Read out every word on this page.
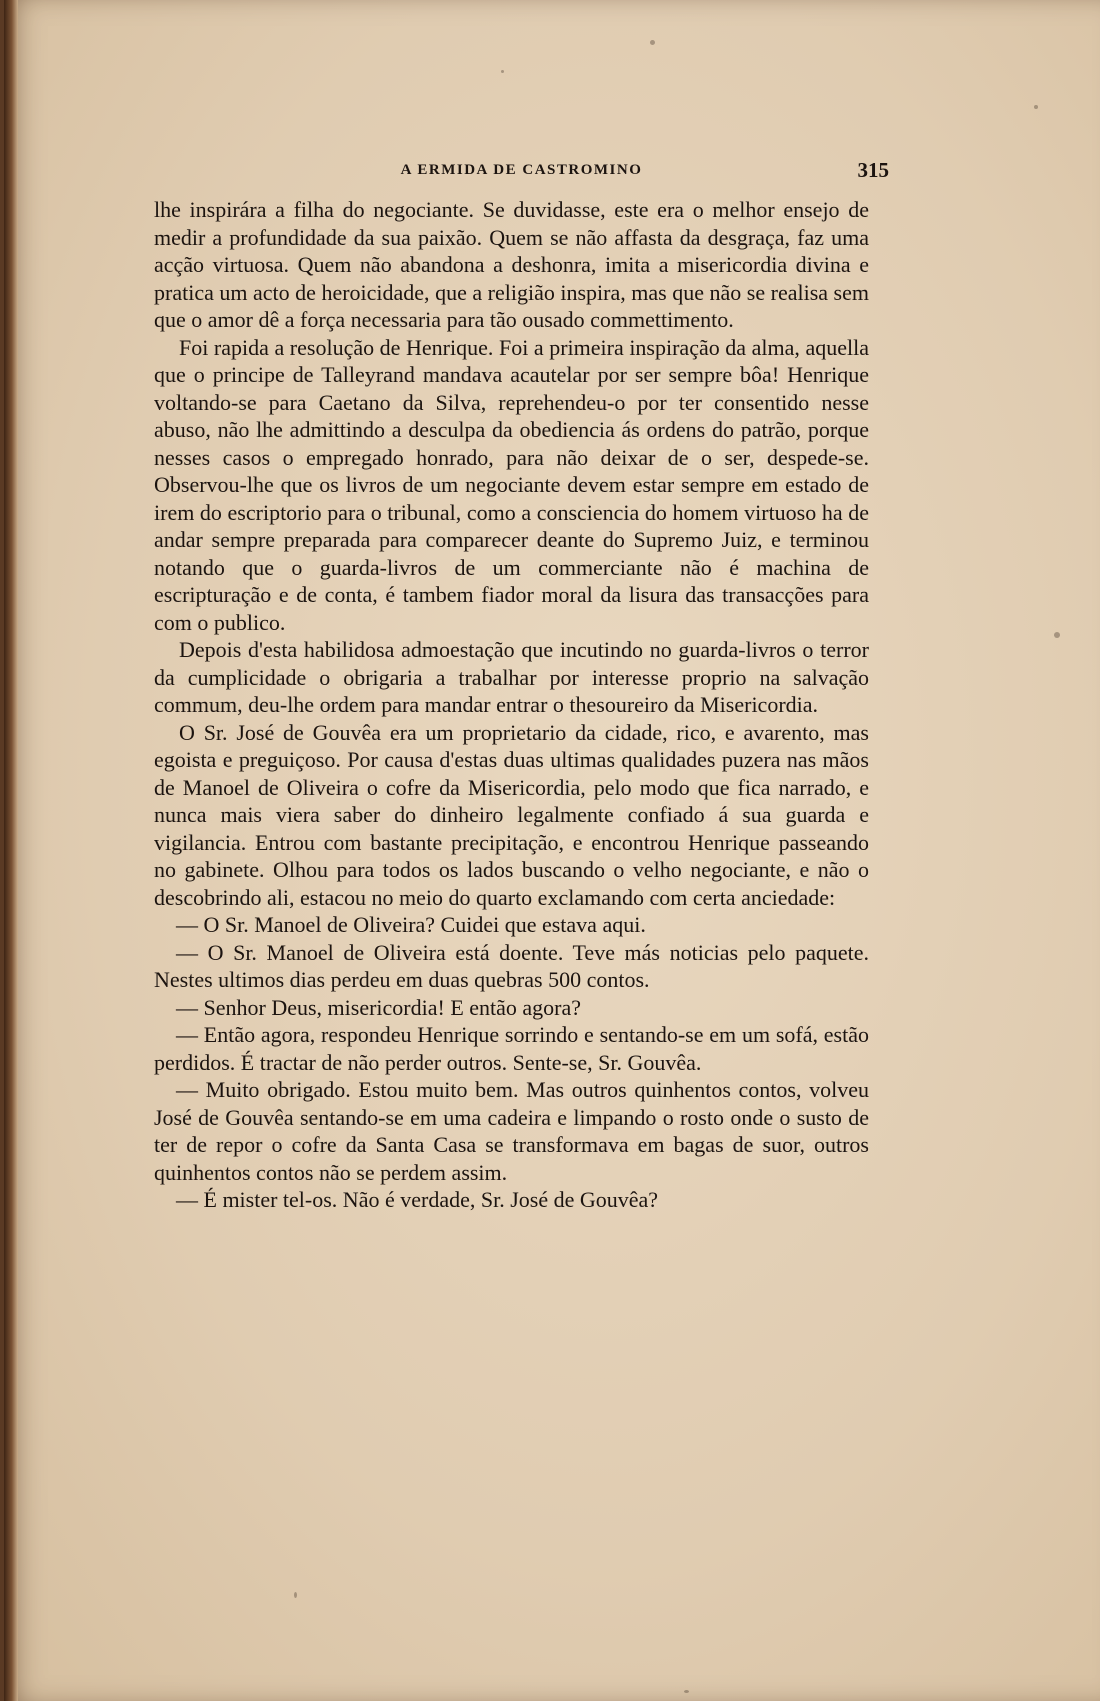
A ERMIDA DE CASTROMINO	315

lhe inspirára a filha do negociante. Se duvidasse, este era o melhor ensejo de medir a profundidade da sua paixão. Quem se não affasta da desgraça, faz uma acção virtuosa. Quem não abandona a deshonra, imita a misericordia divina e pratica um acto de heroicidade, que a religião inspira, mas que não se realisa sem que o amor dê a força necessaria para tão ousado commettimento.

Foi rapida a resolução de Henrique. Foi a primeira inspiração da alma, aquella que o principe de Talleyrand mandava acautelar por ser sempre bôa! Henrique voltando-se para Caetano da Silva, reprehendeu-o por ter consentido nesse abuso, não lhe admittindo a desculpa da obediencia ás ordens do patrão, porque nesses casos o empregado honrado, para não deixar de o ser, despede-se. Observou-lhe que os livros de um negociante devem estar sempre em estado de irem do escriptorio para o tribunal, como a consciencia do homem virtuoso ha de andar sempre preparada para comparecer deante do Supremo Juiz, e terminou notando que o guarda-livros de um commerciante não é machina de escripturação e de conta, é tambem fiador moral da lisura das transacções para com o publico.

Depois d'esta habilidosa admoestação que incutindo no guarda-livros o terror da cumplicidade o obrigaria a trabalhar por interesse proprio na salvação commum, deu-lhe ordem para mandar entrar o thesoureiro da Misericordia.

O Sr. José de Gouvêa era um proprietario da cidade, rico, e avarento, mas egoista e preguiçoso. Por causa d'estas duas ultimas qualidades puzera nas mãos de Manoel de Oliveira o cofre da Misericordia, pelo modo que fica narrado, e nunca mais viera saber do dinheiro legalmente confiado á sua guarda e vigilancia. Entrou com bastante precipitação, e encontrou Henrique passeando no gabinete. Olhou para todos os lados buscando o velho negociante, e não o descobrindo ali, estacou no meio do quarto exclamando com certa anciedade:

— O Sr. Manoel de Oliveira? Cuidei que estava aqui.

— O Sr. Manoel de Oliveira está doente. Teve más noticias pelo paquete. Nestes ultimos dias perdeu em duas quebras 500 contos.

— Senhor Deus, misericordia! E então agora?

— Então agora, respondeu Henrique sorrindo e sentando-se em um sofá, estão perdidos. É tractar de não perder outros. Sente-se, Sr. Gouvêa.

— Muito obrigado. Estou muito bem. Mas outros quinhentos contos, volveu José de Gouvêa sentando-se em uma cadeira e limpando o rosto onde o susto de ter de repor o cofre da Santa Casa se transformava em bagas de suor, outros quinhentos contos não se perdem assim.

— É mister tel-os. Não é verdade, Sr. José de Gouvêa?
